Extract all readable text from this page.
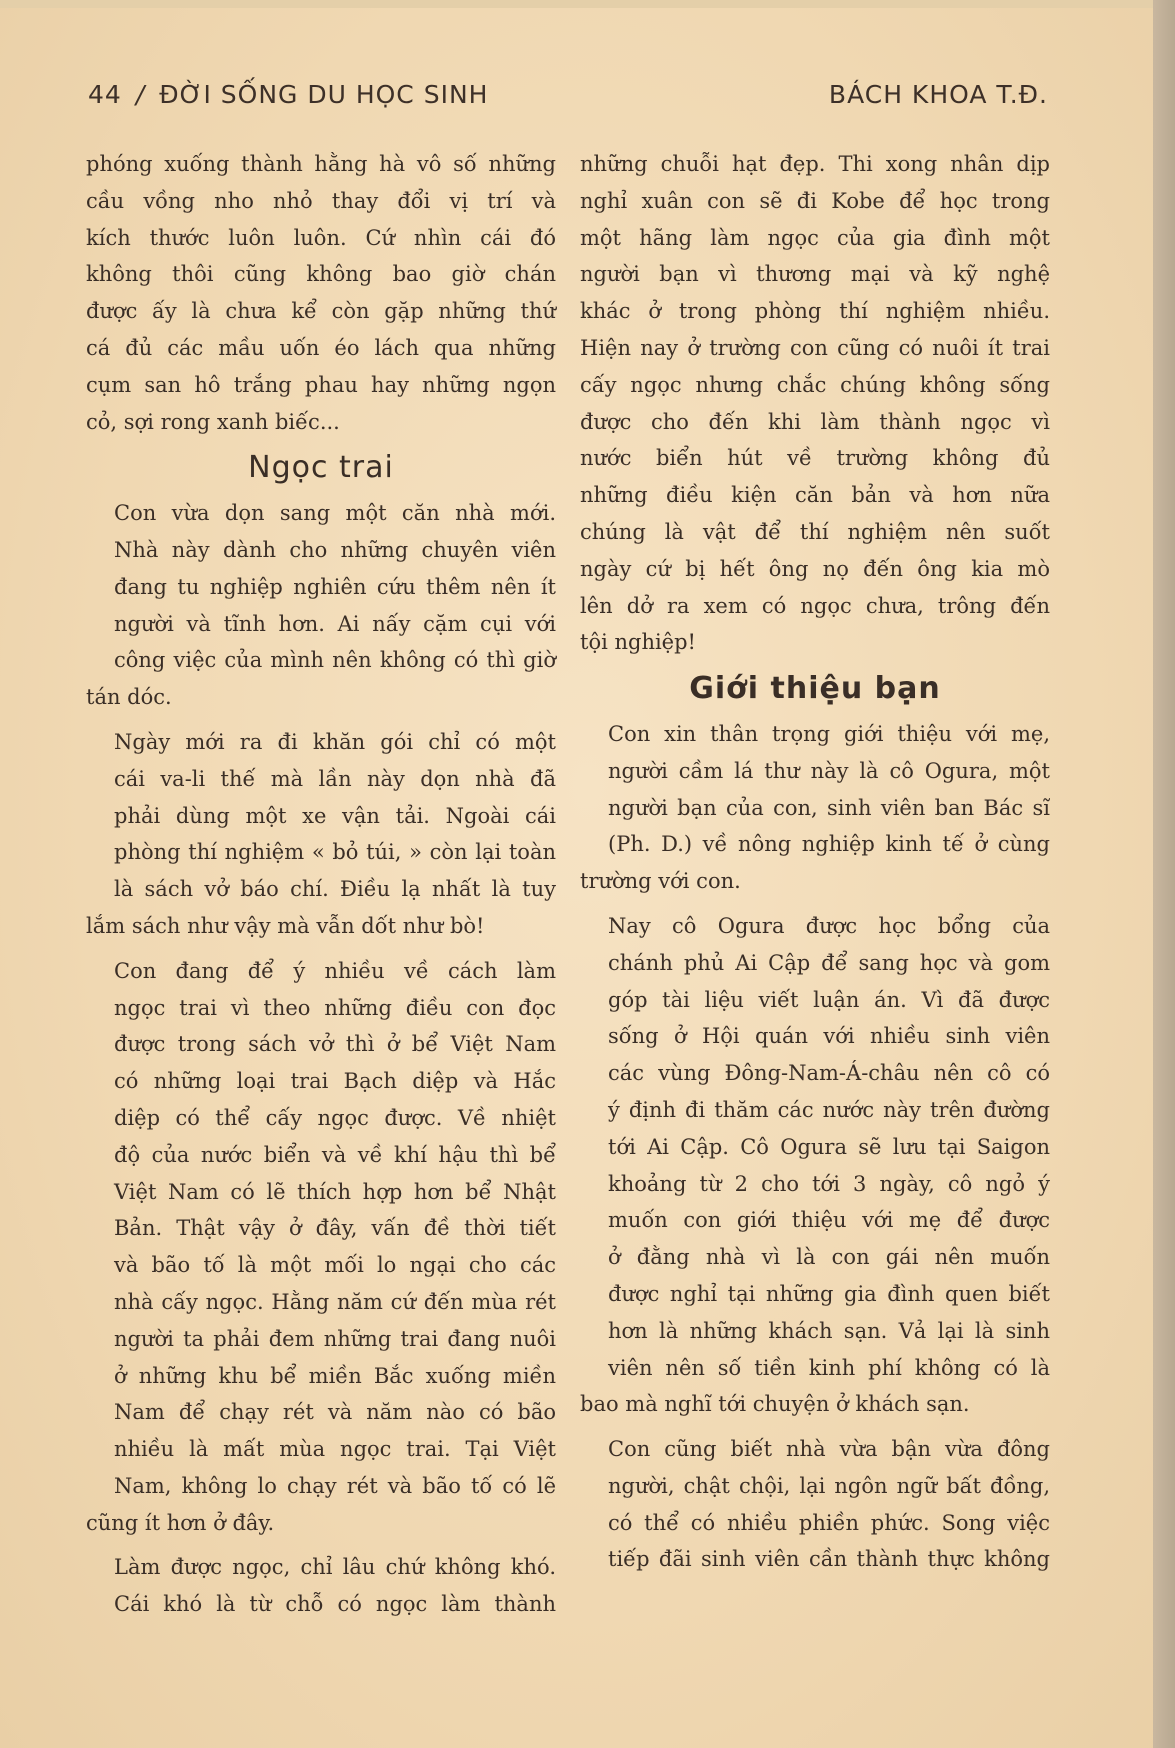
44 / ĐỜI SỐNG DU HỌC SINH	BÁCH KHOA T.Đ.

phóng xuống thành hằng hà vô số những
cầu vồng nho nhỏ thay đổi vị trí và
kích thước luôn luôn. Cứ nhìn cái đó
không thôi cũng không bao giờ chán
được ấy là chưa kể còn gặp những thứ
cá đủ các mầu uốn éo lách qua những
cụm san hô trắng phau hay những ngọn

cỏ, sợi rong xanh biếc...

Ngọc trai

Con vừa dọn sang một căn nhà mới.
Nhà này dành cho những chuyên viên
đang tu nghiệp nghiên cứu thêm nên ít
người và tĩnh hơn. Ai nấy cặm cụi với
công việc của mình nên không có thì giờ

tán dóc.

Ngày mới ra đi khăn gói chỉ có một
cái va-li thế mà lần này dọn nhà đã
phải dùng một xe vận tải. Ngoài cái
phòng thí nghiệm « bỏ túi, » còn lại toàn
là sách vở báo chí. Điều lạ nhất là tuy

lắm sách như vậy mà vẫn dốt như bò!

Con đang để ý nhiều về cách làm
ngọc trai vì theo những điều con đọc
được trong sách vở thì ở bể Việt Nam
có những loại trai Bạch diệp và Hắc
diệp có thể cấy ngọc được. Về nhiệt
độ của nước biển và về khí hậu thì bể
Việt Nam có lẽ thích hợp hơn bể Nhật
Bản. Thật vậy ở đây, vấn đề thời tiết
và bão tố là một mối lo ngại cho các
nhà cấy ngọc. Hằng năm cứ đến mùa rét
người ta phải đem những trai đang nuôi
ở những khu bể miền Bắc xuống miền
Nam để chạy rét và năm nào có bão
nhiều là mất mùa ngọc trai. Tại Việt
Nam, không lo chạy rét và bão tố có lẽ

cũng ít hơn ở đây.

Làm được ngọc, chỉ lâu chứ không khó.
Cái khó là từ chỗ có ngọc làm thành

những chuỗi hạt đẹp. Thi xong nhân dịp
nghỉ xuân con sẽ đi Kobe để học trong
một hãng làm ngọc của gia đình một
người bạn vì thương mại và kỹ nghệ
khác ở trong phòng thí nghiệm nhiều.
Hiện nay ở trường con cũng có nuôi ít trai
cấy ngọc nhưng chắc chúng không sống
được cho đến khi làm thành ngọc vì
nước biển hút về trường không đủ
những điều kiện căn bản và hơn nữa
chúng là vật để thí nghiệm nên suốt
ngày cứ bị hết ông nọ đến ông kia mò
lên dở ra xem có ngọc chưa, trông đến

tội nghiệp!

Giới thiệu bạn

Con xin thân trọng giới thiệu với mẹ,
người cầm lá thư này là cô Ogura, một
người bạn của con, sinh viên ban Bác sĩ
(Ph. D.) về nông nghiệp kinh tế ở cùng

trường với con.

Nay cô Ogura được học bổng của
chánh phủ Ai Cập để sang học và gom
góp tài liệu viết luận án. Vì đã được
sống ở Hội quán với nhiều sinh viên
các vùng Đông-Nam-Á-châu nên cô có
ý định đi thăm các nước này trên đường
tới Ai Cập. Cô Ogura sẽ lưu tại Saigon
khoảng từ 2 cho tới 3 ngày, cô ngỏ ý
muốn con giới thiệu với mẹ để được
ở đằng nhà vì là con gái nên muốn
được nghỉ tại những gia đình quen biết
hơn là những khách sạn. Vả lại là sinh
viên nên số tiền kinh phí không có là

bao mà nghĩ tới chuyện ở khách sạn.

Con cũng biết nhà vừa bận vừa đông
người, chật chội, lại ngôn ngữ bất đồng,
có thể có nhiều phiền phức. Song việc
tiếp đãi sinh viên cần thành thực không
